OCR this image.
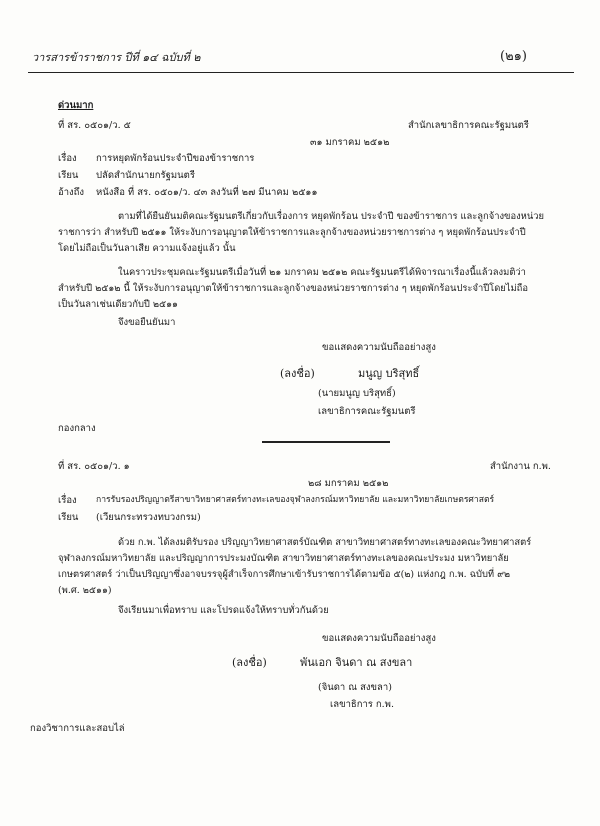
วารสารข้าราชการ ปีที่ ๑๔ ฉบับที่ ๒	(๒๑)
ด่วนมาก
ที่ สร. ๐๕๐๑/ว. ๕	สำนักเลขาธิการคณะรัฐมนตรี
๓๑ มกราคม ๒๕๑๒
เรื่อง การหยุดพักร้อนประจำปีของข้าราชการ
เรียน ปลัดสำนักนายกรัฐมนตรี
อ้างถึง หนังสือ ที่ สร. ๐๕๐๑/ว. ๔๓ ลงวันที่ ๒๗ มีนาคม ๒๕๑๑
ตามที่ได้ยืนยันมติคณะรัฐมนตรีเกี่ยวกับเรื่องการ หยุดพักร้อน ประจำปี ของข้าราชการ และลูกจ้างของหน่วย
ราชการว่า สำหรับปี ๒๕๑๑ ให้ระงับการอนุญาตให้ข้าราชการและลูกจ้างของหน่วยราชการต่าง ๆ หยุดพักร้อนประจำปี
โดยไม่ถือเป็นวันลาเสีย ความแจ้งอยู่แล้ว นั้น
ในคราวประชุมคณะรัฐมนตรีเมื่อวันที่ ๒๑ มกราคม ๒๕๑๒ คณะรัฐมนตรีได้พิจารณาเรื่องนี้แล้วลงมติว่า
สำหรับปี ๒๕๑๒ นี้ ให้ระงับการอนุญาตให้ข้าราชการและลูกจ้างของหน่วยราชการต่าง ๆ หยุดพักร้อนประจำปีโดยไม่ถือ
เป็นวันลาเช่นเดียวกับปี ๒๕๑๑
จึงขอยืนยันมา
ขอแสดงความนับถืออย่างสูง
(ลงชื่อ)	มนูญ บริสุทธิ์
(นายมนูญ บริสุทธิ์)
เลขาธิการคณะรัฐมนตรี
กองกลาง
ที่ สร. ๐๕๐๑/ว. ๑	สำนักงาน ก.พ.
๒๘ มกราคม ๒๕๑๒
เรื่อง การรับรองปริญญาตรีสาขาวิทยาศาสตร์ทางทะเลของจุฬาลงกรณ์มหาวิทยาลัย และมหาวิทยาลัยเกษตรศาสตร์
เรียน (เวียนกระทรวงทบวงกรม)
ด้วย ก.พ. ได้ลงมติรับรอง ปริญญาวิทยาศาสตร์บัณฑิต สาขาวิทยาศาสตร์ทางทะเลของคณะวิทยาศาสตร์
จุฬาลงกรณ์มหาวิทยาลัย และปริญญาการประมงบัณฑิต สาขาวิทยาศาสตร์ทางทะเลของคณะประมง มหาวิทยาลัย
เกษตรศาสตร์ ว่าเป็นปริญญาซึ่งอาจบรรจุผู้สำเร็จการศึกษาเข้ารับราชการได้ตามข้อ ๕(๒) แห่งกฎ ก.พ. ฉบับที่ ๙๒
(พ.ศ. ๒๕๑๑)
จึงเรียนมาเพื่อทราบ และโปรดแจ้งให้ทราบทั่วกันด้วย
ขอแสดงความนับถืออย่างสูง
(ลงชื่อ)	พันเอก จินดา ณ สงขลา
(จินดา ณ สงขลา)
เลขาธิการ ก.พ.
กองวิชาการและสอบไล่
